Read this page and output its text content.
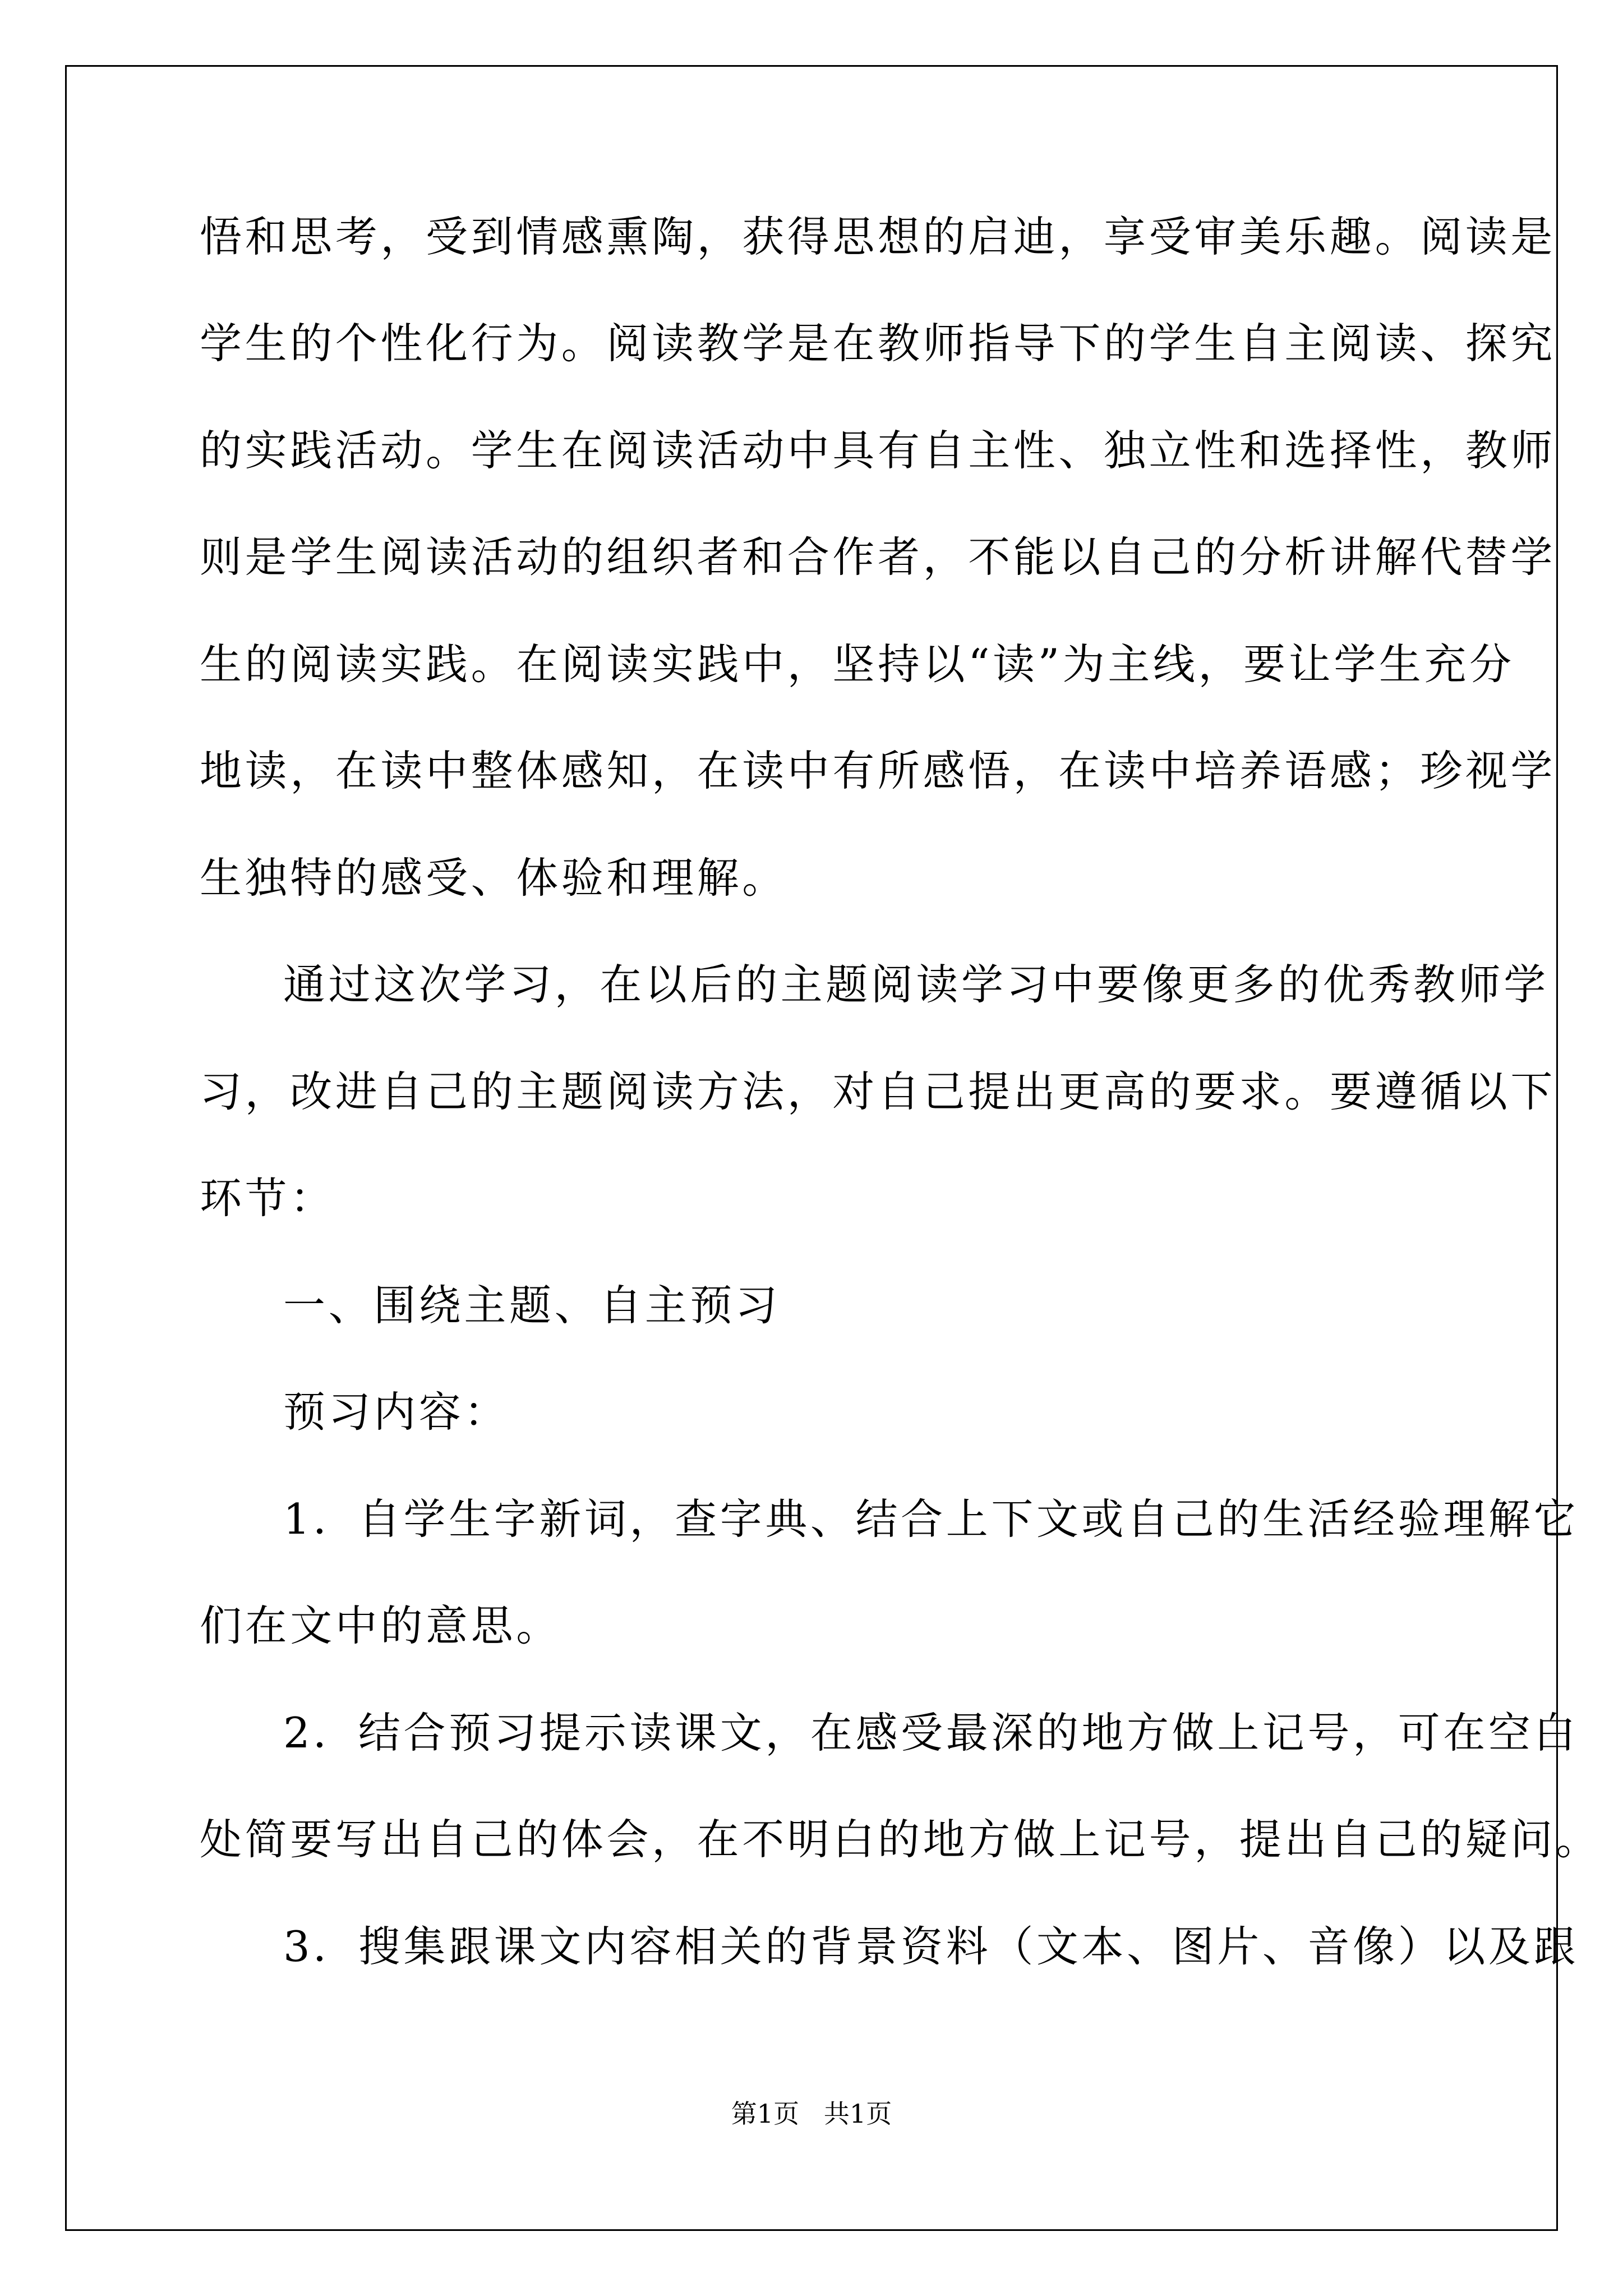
悟和思考，受到情感熏陶，获得思想的启迪，享受审美乐趣。阅读是
学生的个性化行为。阅读教学是在教师指导下的学生自主阅读、探究
的实践活动。学生在阅读活动中具有自主性、独立性和选择性，教师
则是学生阅读活动的组织者和合作者，不能以自己的分析讲解代替学
生的阅读实践。在阅读实践中，坚持以“读”为主线，要让学生充分
地读，在读中整体感知，在读中有所感悟，在读中培养语感；珍视学
生独特的感受、体验和理解。
通过这次学习，在以后的主题阅读学习中要像更多的优秀教师学
习，改进自己的主题阅读方法，对自己提出更高的要求。要遵循以下
环节：
一、围绕主题、自主预习
预习内容：
1．自学生字新词，查字典、结合上下文或自己的生活经验理解它
们在文中的意思。
2．结合预习提示读课文，在感受最深的地方做上记号，可在空白
处简要写出自己的体会，在不明白的地方做上记号，提出自己的疑问。
3．搜集跟课文内容相关的背景资料（文本、图片、音像）以及跟
第1页   共1页
